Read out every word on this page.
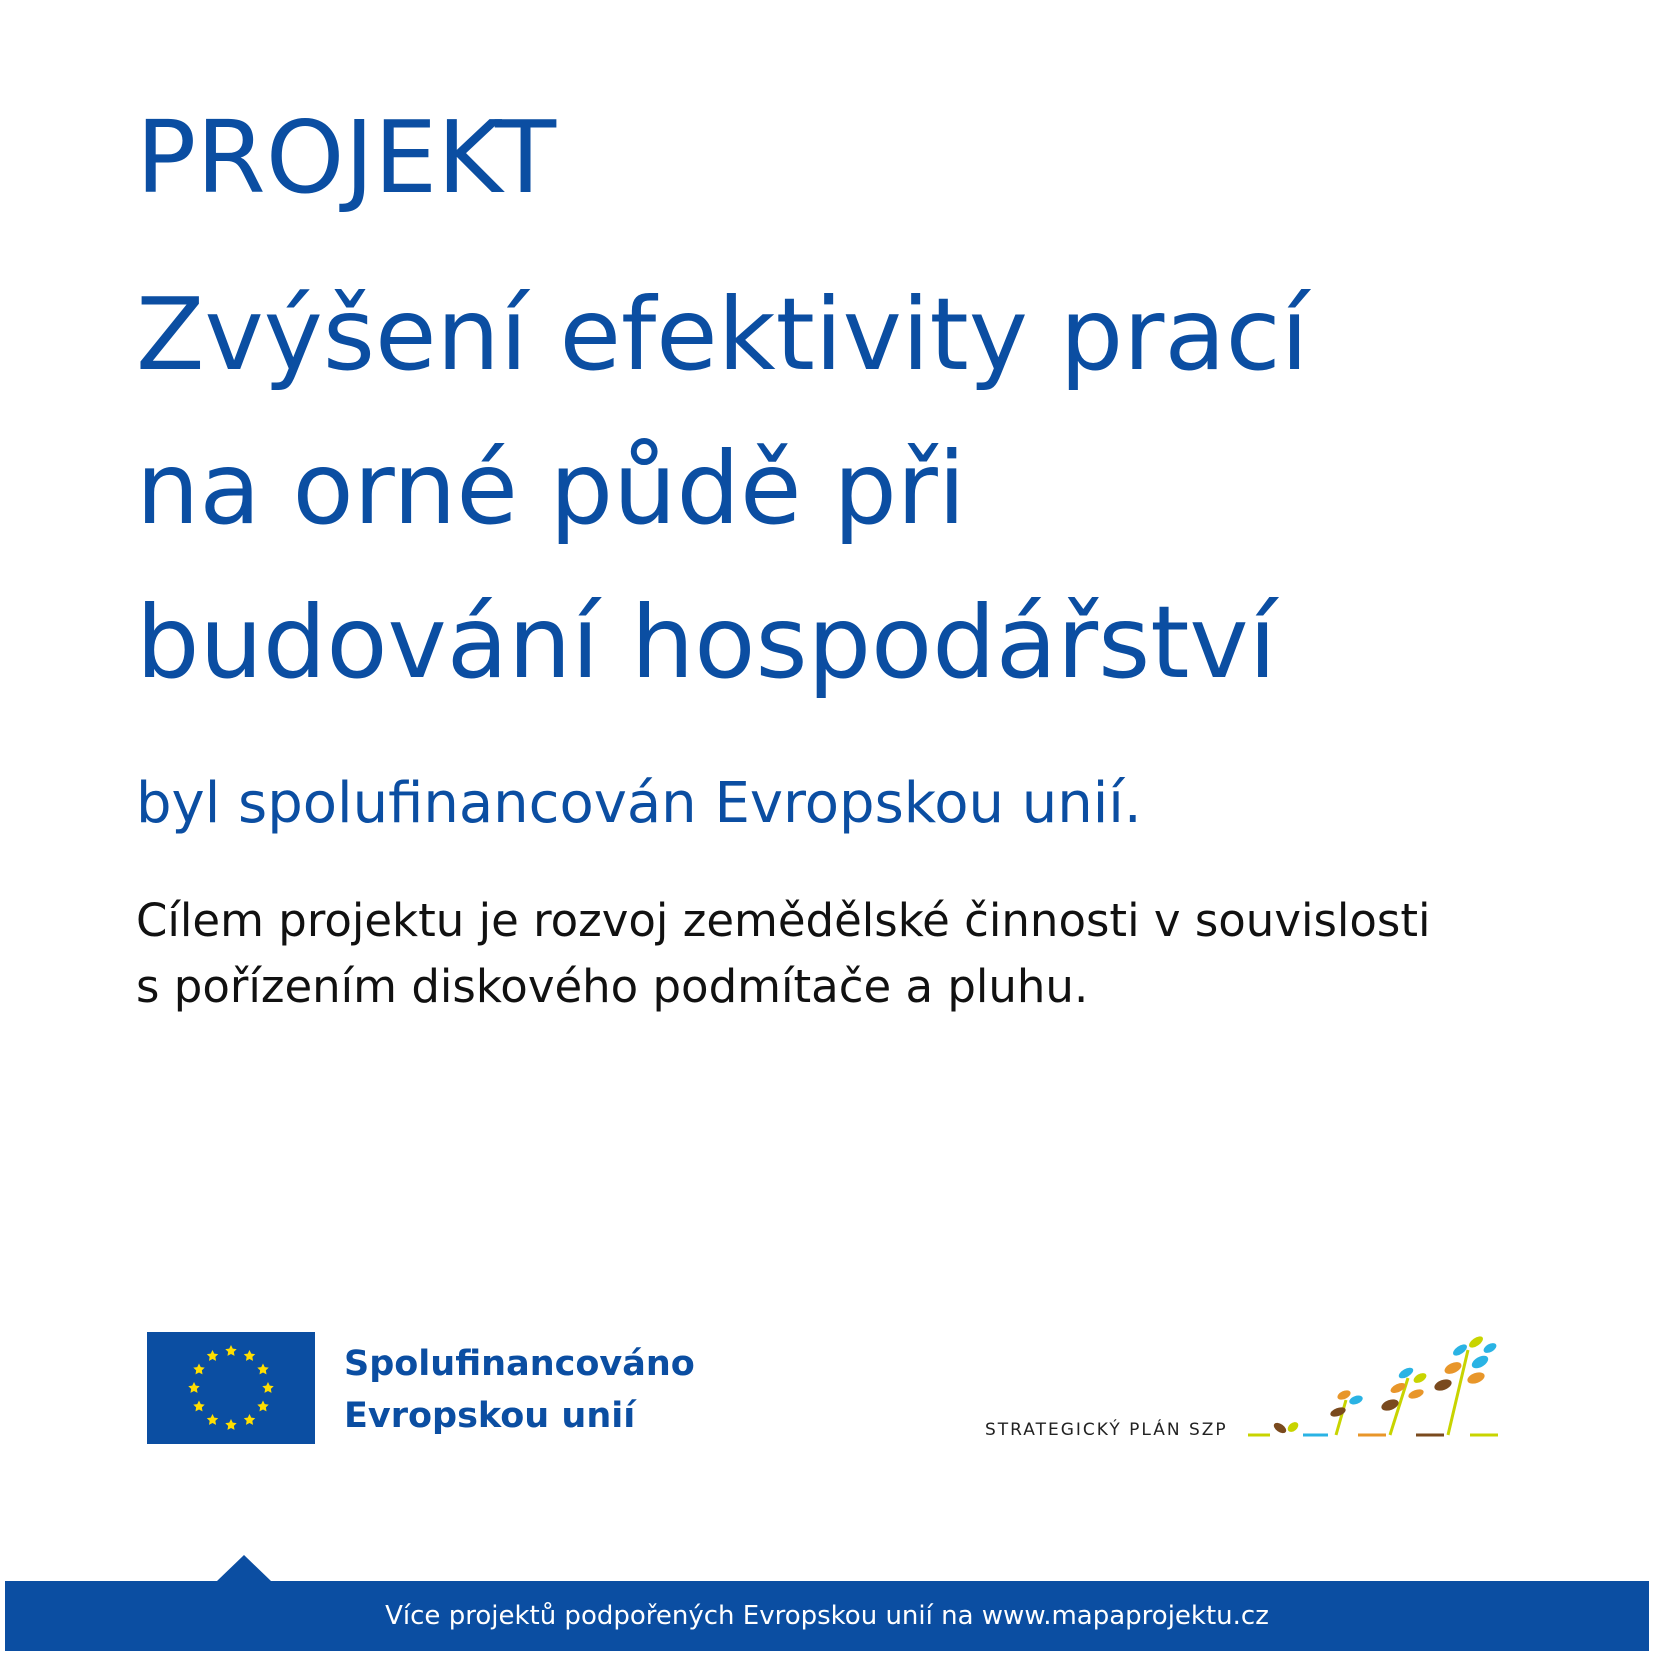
PROJEKT
Zvýšení efektivity prací
na orné půdě při
budování hospodářství
byl spolufinancován Evropskou unií.
Cílem projektu je rozvoj zemědělské činnosti v souvislosti
s pořízením diskového podmítače a pluhu.
Spolufinancováno
Evropskou unií	STRATEGICKÝ PLÁN SZP
Více projektů podpořených Evropskou unií na www.mapaprojektu.cz
